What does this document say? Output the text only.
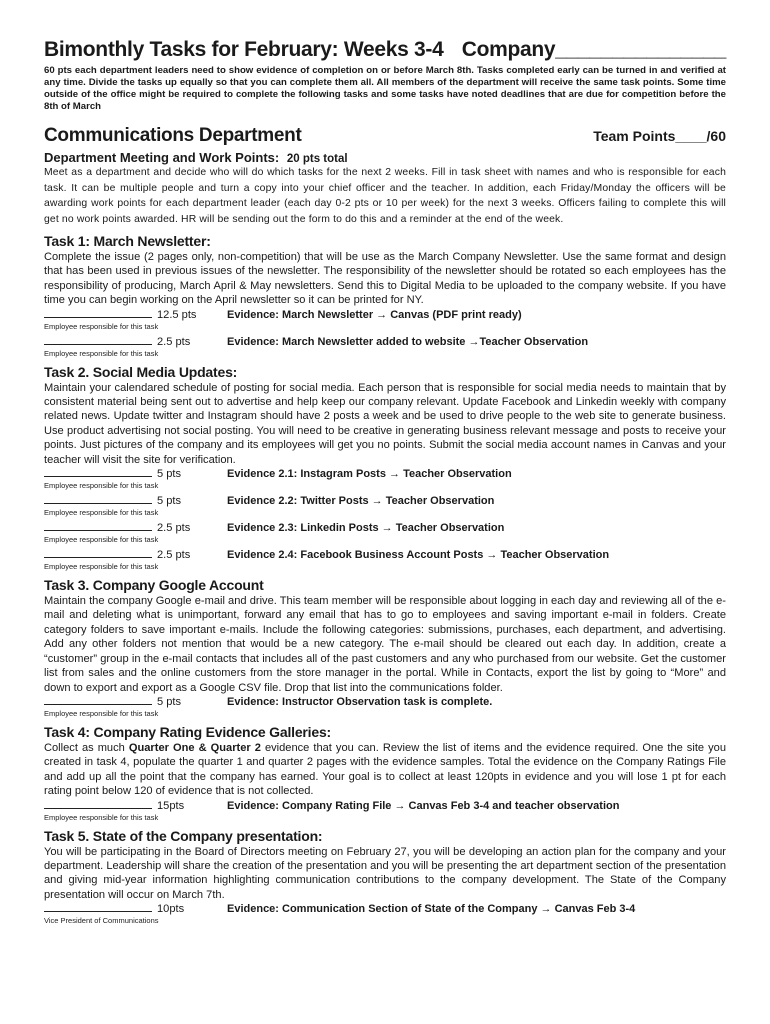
Bimonthly Tasks for February: Weeks 3-4 Company_______________
60 pts each department leaders need to show evidence of completion on or before March 8th. Tasks completed early can be turned in and verified at any time. Divide the tasks up equally so that you can complete them all. All members of the department will receive the same task points. Some time outside of the office might be required to complete the following tasks and some tasks have noted deadlines that are due for competition before the 8th of March
Communications Department	Team Points____/60
Department Meeting and Work Points: 20 pts total
Meet as a department and decide who will do which tasks for the next 2 weeks. Fill in task sheet with names and who is responsible for each task. It can be multiple people and turn a copy into your chief officer and the teacher. In addition, each Friday/Monday the officers will be awarding work points for each department leader (each day 0-2 pts or 10 per week) for the next 3 weeks. Officers failing to complete this will get no work points awarded. HR will be sending out the form to do this and a reminder at the end of the week.
Task 1: March Newsletter:
Complete the issue (2 pages only, non-competition) that will be use as the March Company Newsletter. Use the same format and design that has been used in previous issues of the newsletter. The responsibility of the newsletter should be rotated so each employees has the responsibility of producing, March April & May newsletters. Send this to Digital Media to be uploaded to the company website. If you have time you can begin working on the April newsletter so it can be printed for NY.
12.5 pts	Evidence: March Newsletter → Canvas (PDF print ready)
Employee responsible for this task
2.5 pts	Evidence: March Newsletter added to website →Teacher Observation
Employee responsible for this task
Task 2. Social Media Updates:
Maintain your calendared schedule of posting for social media. Each person that is responsible for social media needs to maintain that by consistent material being sent out to advertise and help keep our company relevant. Update Facebook and Linkedin weekly with company related news. Update twitter and Instagram should have 2 posts a week and be used to drive people to the web site to generate business. Use product advertising not social posting. You will need to be creative in generating business relevant message and posts to receive your points. Just pictures of the company and its employees will get you no points. Submit the social media account names in Canvas and your teacher will visit the site for verification.
5 pts	Evidence 2.1: Instagram Posts → Teacher Observation
Employee responsible for this task
5 pts	Evidence 2.2: Twitter Posts → Teacher Observation
Employee responsible for this task
2.5 pts	Evidence 2.3: Linkedin Posts → Teacher Observation
Employee responsible for this task
2.5 pts	Evidence 2.4: Facebook Business Account Posts → Teacher Observation
Employee responsible for this task
Task 3. Company Google Account
Maintain the company Google e-mail and drive. This team member will be responsible about logging in each day and reviewing all of the e-mail and deleting what is unimportant, forward any email that has to go to employees and saving important e-mail in folders. Create category folders to save important e-mails. Include the following categories: submissions, purchases, each department, and advertising. Add any other folders not mention that would be a new category. The e-mail should be cleared out each day. In addition, create a “customer” group in the e-mail contacts that includes all of the past customers and any who purchased from our website. Get the customer list from sales and the online customers from the store manager in the portal. While in Contacts, export the list by going to “More” and down to export and export as a Google CSV file. Drop that list into the communications folder.
5 pts	Evidence: Instructor Observation task is complete.
Employee responsible for this task
Task 4: Company Rating Evidence Galleries:
Collect as much Quarter One & Quarter 2 evidence that you can. Review the list of items and the evidence required. One the site you created in task 4, populate the quarter 1 and quarter 2 pages with the evidence samples. Total the evidence on the Company Ratings File and add up all the point that the company has earned. Your goal is to collect at least 120pts in evidence and you will lose 1 pt for each rating point below 120 of evidence that is not collected.
15pts	Evidence: Company Rating File → Canvas Feb 3-4 and teacher observation
Employee responsible for this task
Task 5. State of the Company presentation:
You will be participating in the Board of Directors meeting on February 27, you will be developing an action plan for the company and your department. Leadership will share the creation of the presentation and you will be presenting the art department section of the presentation and giving mid-year information highlighting communication contributions to the company development. The State of the Company presentation will occur on March 7th.
10pts	Evidence: Communication Section of State of the Company → Canvas Feb 3-4
Vice President of Communications
